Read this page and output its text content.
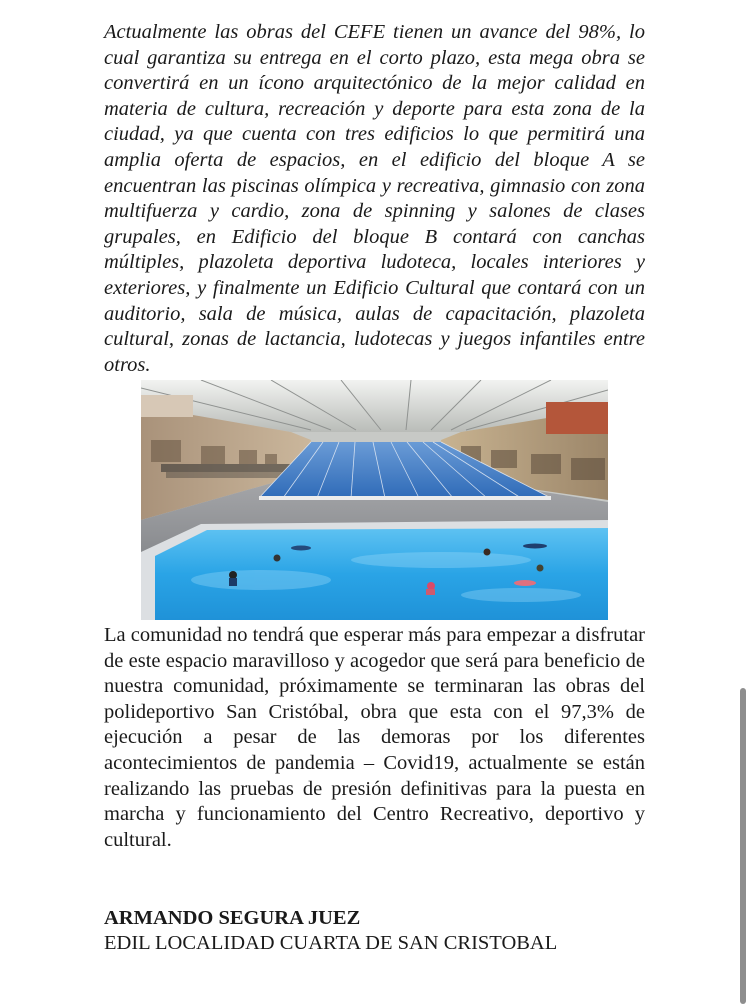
Actualmente las obras del CEFE tienen un avance del 98%, lo cual garantiza su entrega en el corto plazo, esta mega obra se convertirá en un ícono arquitectónico de la mejor calidad en materia de cultura, recreación y deporte para esta zona de la ciudad, ya que cuenta con tres edificios lo que permitirá una amplia oferta de espacios, en el edificio del bloque A se encuentran las piscinas olímpica y recreativa, gimnasio con zona multifuerza y cardio, zona de spinning y salones de clases grupales, en Edificio del bloque B contará con canchas múltiples, plazoleta deportiva ludoteca, locales interiores y exteriores, y finalmente un Edificio Cultural que contará con un auditorio, sala de música, aulas de capacitación, plazoleta cultural, zonas de lactancia, ludotecas y juegos infantiles entre otros.

La comunidad no tendrá que esperar más para empezar a disfrutar de este espacio maravilloso y acogedor que será para beneficio de nuestra comunidad, próximamente se terminaran las obras del polideportivo San Cristóbal, obra que esta con el 97,3% de ejecución a pesar de las demoras por los diferentes acontecimientos de pandemia – Covid19, actualmente se están realizando las pruebas de presión definitivas para la puesta en marcha y funcionamiento del Centro Recreativo, deportivo y cultural.

ARMANDO SEGURA JUEZ

EDIL LOCALIDAD CUARTA DE SAN CRISTOBAL
